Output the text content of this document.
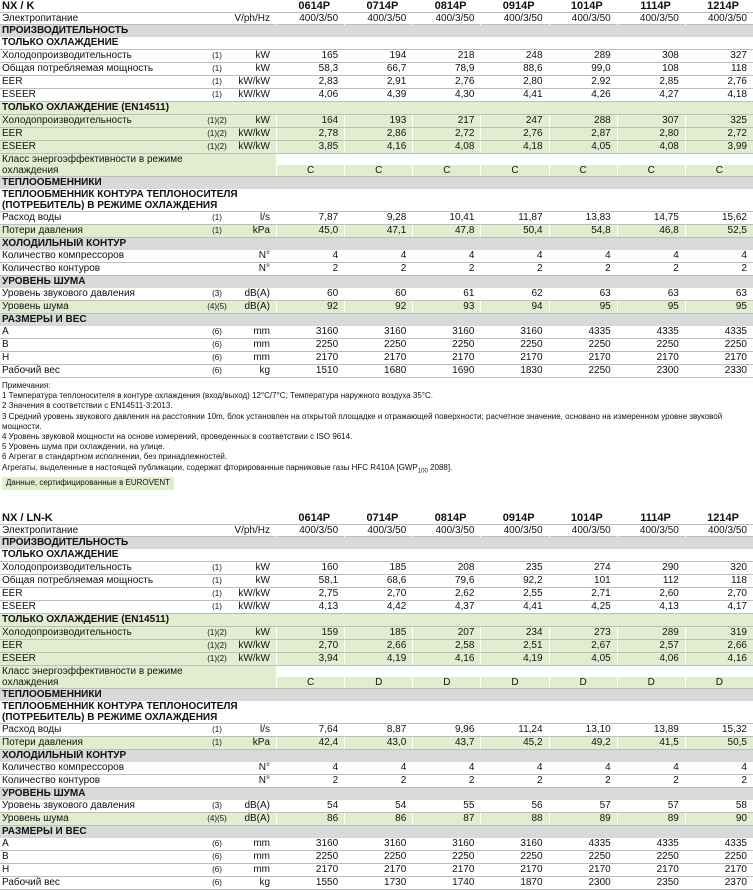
NX / K	0614P	0714P	0814P	0914P	1014P	1114P	1214P
Электропитание	V/ph/Hz	400/3/50	400/3/50	400/3/50	400/3/50	400/3/50	400/3/50	400/3/50
ПРОИЗВОДИТЕЛЬНОСТЬ
ТОЛЬКО ОХЛАЖДЕНИЕ
Холодопроизводительность	(1)	kW	165	194	218	248	289	308	327
Общая потребляемая мощность	(1)	kW	58,3	66,7	78,9	88,6	99,0	108	118
EER	(1)	kW/kW	2,83	2,91	2,76	2,80	2,92	2,85	2,76
ESEER	(1)	kW/kW	4,06	4,39	4,30	4,41	4,26	4,27	4,18
ТОЛЬКО ОХЛАЖДЕНИЕ (EN14511)
Холодопроизводительность	(1)(2)	kW	164	193	217	247	288	307	325
EER	(1)(2)	kW/kW	2,78	2,86	2,72	2,76	2,87	2,80	2,72
ESEER	(1)(2)	kW/kW	3,85	4,16	4,08	4,18	4,05	4,08	3,99
Класс энергоэффективности в режиме охлаждения	C	C	C	C	C	C	C
ТЕПЛООБМЕННИКИ
ТЕПЛООБМЕННИК КОНТУРА ТЕПЛОНОСИТЕЛЯ (ПОТРЕБИТЕЛЬ) В РЕЖИМЕ ОХЛАЖДЕНИЯ
Расход воды	(1)	l/s	7,87	9,28	10,41	11,87	13,83	14,75	15,62
Потери давления	(1)	kPa	45,0	47,1	47,8	50,4	54,8	46,8	52,5
ХОЛОДИЛЬНЫЙ КОНТУР
Количество компрессоров	N°	4	4	4	4	4	4	4
Количество контуров	N°	2	2	2	2	2	2	2
УРОВЕНЬ ШУМА
Уровень звукового давления	(3)	dB(A)	60	60	61	62	63	63	63
Уровень шума	(4)(5)	dB(A)	92	92	93	94	95	95	95
РАЗМЕРЫ И ВЕС
A	(6)	mm	3160	3160	3160	3160	4335	4335	4335
B	(6)	mm	2250	2250	2250	2250	2250	2250	2250
H	(6)	mm	2170	2170	2170	2170	2170	2170	2170
Рабочий вес	(6)	kg	1510	1680	1690	1830	2250	2300	2330
Примечания:
1 Температура теплоносителя в контуре охлаждения (вход/выход) 12°C/7°C; Температура наружного воздуха 35°C.
2 Значения в соответствии с EN14511-3:2013.
3 Средний уровень звукового давления на расстоянии 10m, блок установлен на открытой площадке и отражающей поверхности; расчетное значение, основано на измеренном уровне звуковой мощности.
4 Уровень звуковой мощности на основе измерений, проведенных в соответствии с ISO 9614.
5 Уровень шума при охлаждении, на улице.
6 Агрегат в стандартном исполнении, без принадлежностей.
Агрегаты, выделенные в настоящей публикации, содержат фторированные парниковые газы HFC R410A [$GWP_{100}$ 2088].
Данные, сертифицированные в EUROVENT
NX / LN-K	0614P	0714P	0814P	0914P	1014P	1114P	1214P
Электропитание	V/ph/Hz	400/3/50	400/3/50	400/3/50	400/3/50	400/3/50	400/3/50	400/3/50
ПРОИЗВОДИТЕЛЬНОСТЬ
ТОЛЬКО ОХЛАЖДЕНИЕ
Холодопроизводительность	(1)	kW	160	185	208	235	274	290	320
Общая потребляемая мощность	(1)	kW	58,1	68,6	79,6	92,2	101	112	118
EER	(1)	kW/kW	2,75	2,70	2,62	2,55	2,71	2,60	2,70
ESEER	(1)	kW/kW	4,13	4,42	4,37	4,41	4,25	4,13	4,17
ТОЛЬКО ОХЛАЖДЕНИЕ (EN14511)
Холодопроизводительность	(1)(2)	kW	159	185	207	234	273	289	319
EER	(1)(2)	kW/kW	2,70	2,66	2,58	2,51	2,67	2,57	2,66
ESEER	(1)(2)	kW/kW	3,94	4,19	4,16	4,19	4,05	4,06	4,16
Класс энергоэффективности в режиме охлаждения	C	D	D	D	D	D	D
ТЕПЛООБМЕННИКИ
ТЕПЛООБМЕННИК КОНТУРА ТЕПЛОНОСИТЕЛЯ (ПОТРЕБИТЕЛЬ) В РЕЖИМЕ ОХЛАЖДЕНИЯ
Расход воды	(1)	l/s	7,64	8,87	9,96	11,24	13,10	13,89	15,32
Потери давления	(1)	kPa	42,4	43,0	43,7	45,2	49,2	41,5	50,5
ХОЛОДИЛЬНЫЙ КОНТУР
Количество компрессоров	N°	4	4	4	4	4	4	4
Количество контуров	N°	2	2	2	2	2	2	2
УРОВЕНЬ ШУМА
Уровень звукового давления	(3)	dB(A)	54	54	55	56	57	57	58
Уровень шума	(4)(5)	dB(A)	86	86	87	88	89	89	90
РАЗМЕРЫ И ВЕС
A	(6)	mm	3160	3160	3160	3160	4335	4335	4335
B	(6)	mm	2250	2250	2250	2250	2250	2250	2250
H	(6)	mm	2170	2170	2170	2170	2170	2170	2170
Рабочий вес	(6)	kg	1550	1730	1740	1870	2300	2350	2370
